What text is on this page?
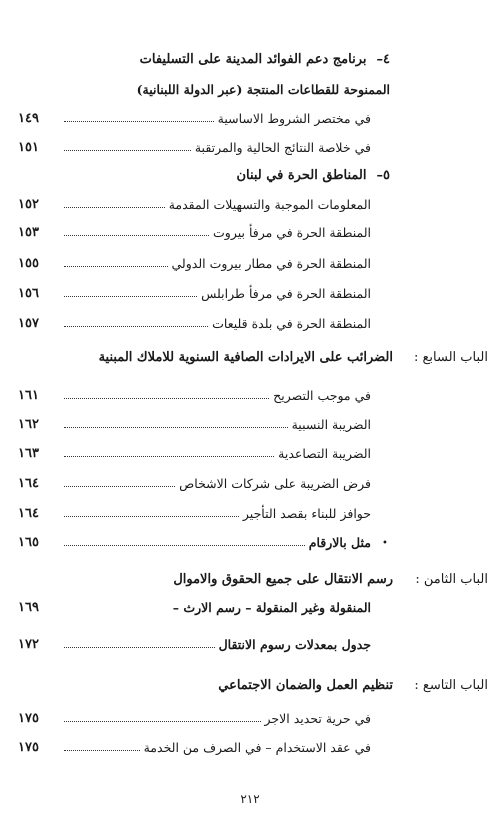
٤–برنامج دعم الفوائد المدينة على التسليفات
الممنوحة للقطاعات المنتجة (عبر الدولة اللبنانية)
١٤٩	في مختصر الشروط الاساسية
١٥١	في خلاصة النتائج الحالية والمرتقبة
٥–المناطق الحرة في لبنان
١٥٢	المعلومات الموجبة والتسهيلات المقدمة
١٥٣	المنطقة الحرة في مرفأ بيروت
١٥٥	المنطقة الحرة في مطار بيروت الدولي
١٥٦	المنطقة الحرة في مرفأ طرابلس
١٥٧	المنطقة الحرة في بلدة قليعات
الباب السابع :
الضرائب على الايرادات الصافية السنوية للاملاك المبنية
١٦١	في موجب التصريح
١٦٢	الضريبة النسبية
١٦٣	الضريبة التصاعدية
١٦٤	فرض الضريبة على شركات الاشخاص
١٦٤	حوافز للبناء بقصد التأجير
١٦٥	مثل بالارقام •
الباب الثامن :
رسم الانتقال على جميع الحقوق والاموال
١٦٩	المنقولة وغير المنقولة – رسم الارث –
١٧٢	جدول بمعدلات رسوم الانتقال
الباب التاسع :
تنظيم العمل والضمان الاجتماعي
١٧٥	في حرية تحديد الاجر
١٧٥	في عقد الاستخدام – في الصرف من الخدمة
٢١٢
